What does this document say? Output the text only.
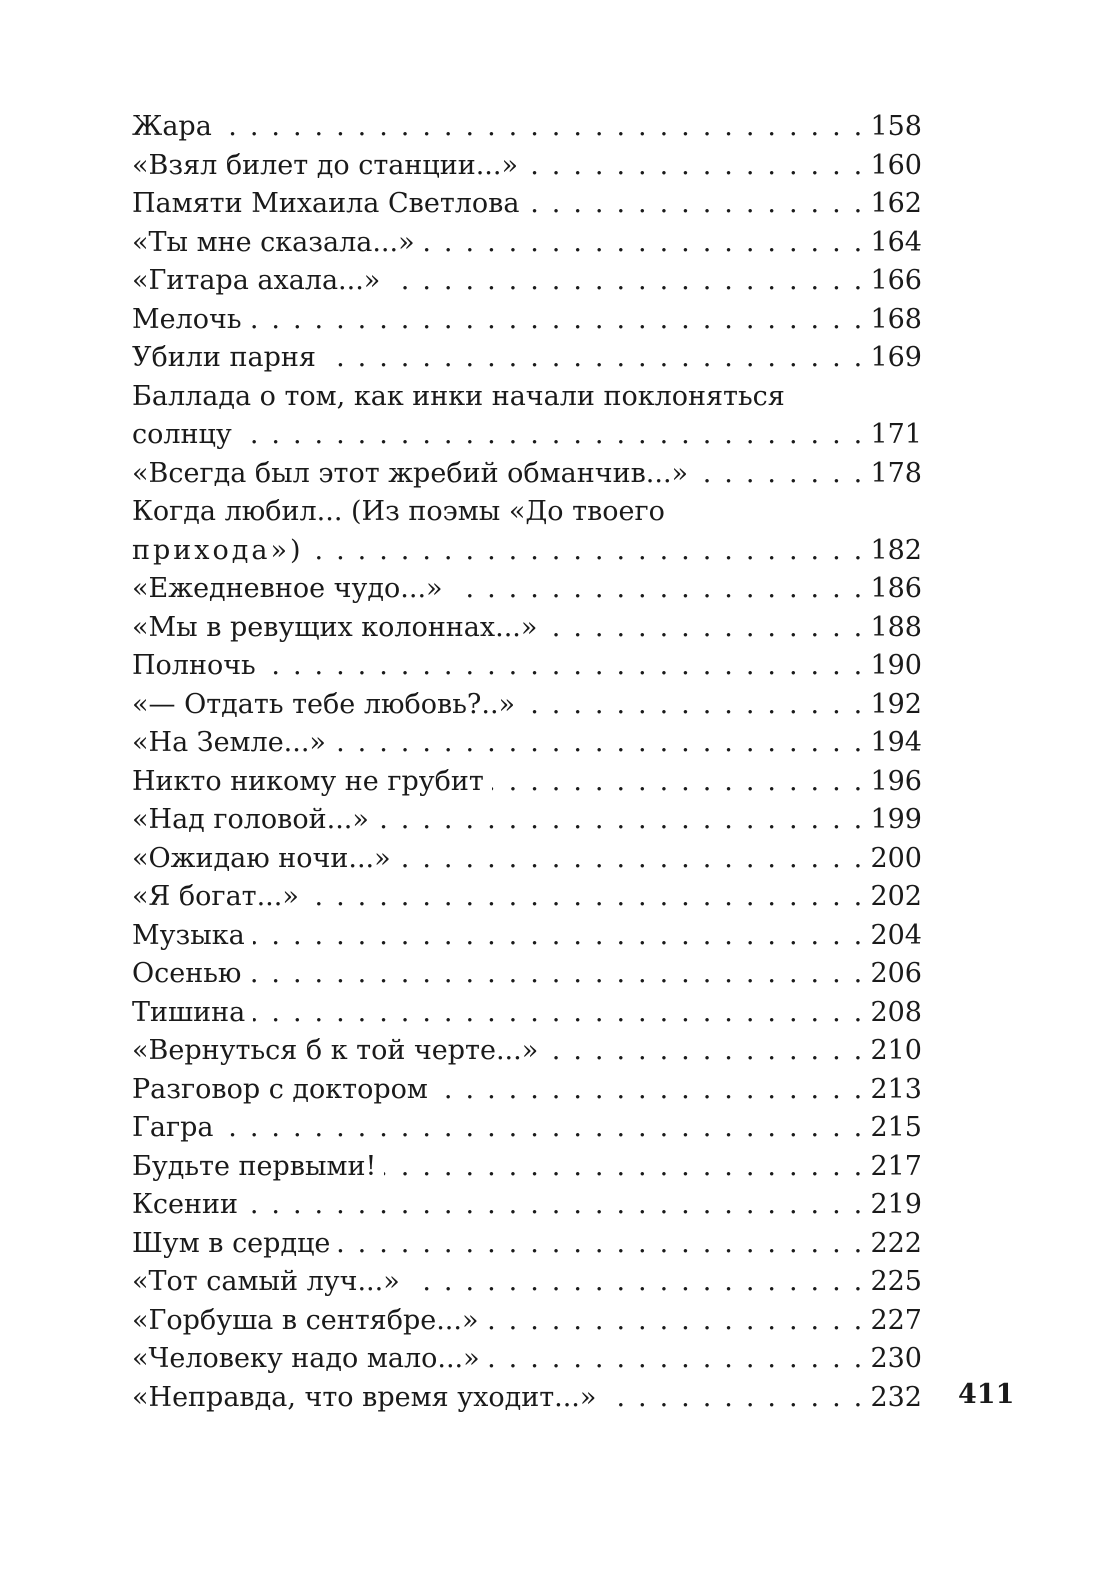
Жара . . .	158
«Взял билет до станции...» . . .	160
Памяти Михаила Светлова . . .	162
«Ты мне сказала...» . . .	164
«Гитара ахала...» . . .	166
Мелочь . . .	168
Убили парня . . .	169
Баллада о том, как инки начали поклоняться
солнцу . . .	171
«Всегда был этот жребий обманчив...» . . .	178
Когда любил... (Из поэмы «До твоего
прихода») . . .	182
«Ежедневное чудо...» . . .	186
«Мы в ревущих колоннах...» . . .	188
Полночь . . .	190
«— Отдать тебе любовь?..» . . .	192
«На Земле...» . . .	194
Никто никому не грубит . . .	196
«Над головой...» . . .	199
«Ожидаю ночи...» . . .	200
«Я богат...» . . .	202
Музыка . . .	204
Осенью . . .	206
Тишина . . .	208
«Вернуться б к той черте...» . . .	210
Разговор с доктором . . .	213
Гагра . . .	215
Будьте первыми! . . .	217
Ксении . . .	219
Шум в сердце . . .	222
«Тот самый луч...» . . .	225
«Горбуша в сентябре...» . . .	227
«Человеку надо мало...» . . .	230
«Неправда, что время уходит...» . . .	232 411
